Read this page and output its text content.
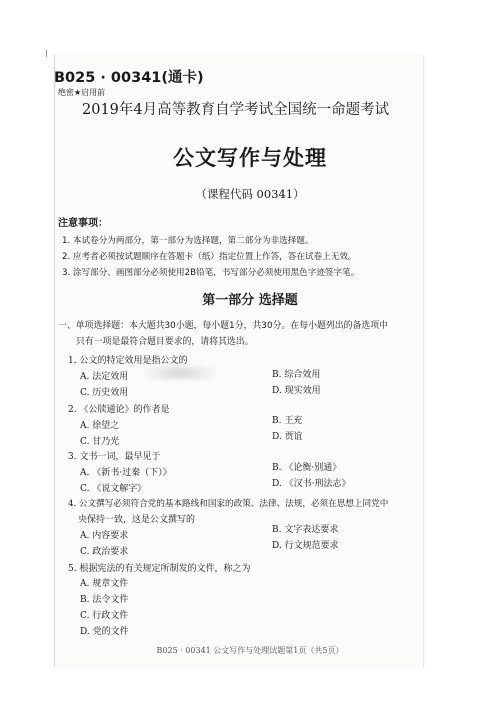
B025 · 00341(通卡)
绝密★启用前
2019年4月高等教育自学考试全国统一命题考试
公文写作与处理
（课程代码 00341）
注意事项：
1. 本试卷分为两部分，第一部分为选择题，第二部分为非选择题。
2. 应考者必须按试题顺序在答题卡（纸）指定位置上作答，答在试卷上无效。
3. 涂写部分、画图部分必须使用2B铅笔，书写部分必须使用黑色字迹签字笔。
第一部分 选择题
一、单项选择题：本大题共30小题，每小题1分，共30分。在每小题列出的备选项中
只有一项是最符合题目要求的，请将其选出。
1. 公文的特定效用是指公文的
A. 法定效用	B. 综合效用
C. 历史效用	D. 现实效用
2. 《公牍通论》的作者是
A. 徐望之	B. 王充
C. 甘乃光	D. 贾谊
3. 文书一词，最早见于
A. 《新书·过秦（下）》	B. 《论衡·别通》
C. 《说文解字》	D. 《汉书·刑法志》
4. 公文撰写必须符合党的基本路线和国家的政策、法律、法规，必须在思想上同党中
央保持一致，这是公文撰写的
A. 内容要求
B. 文字表达要求
C. 政治要求
D. 行文规范要求
5. 根据宪法的有关规定所制发的文件，称之为
A. 规章文件
B. 法令文件
C. 行政文件
D. 党的文件
B025 · 00341 公文写作与处理试题第1页（共5页）
